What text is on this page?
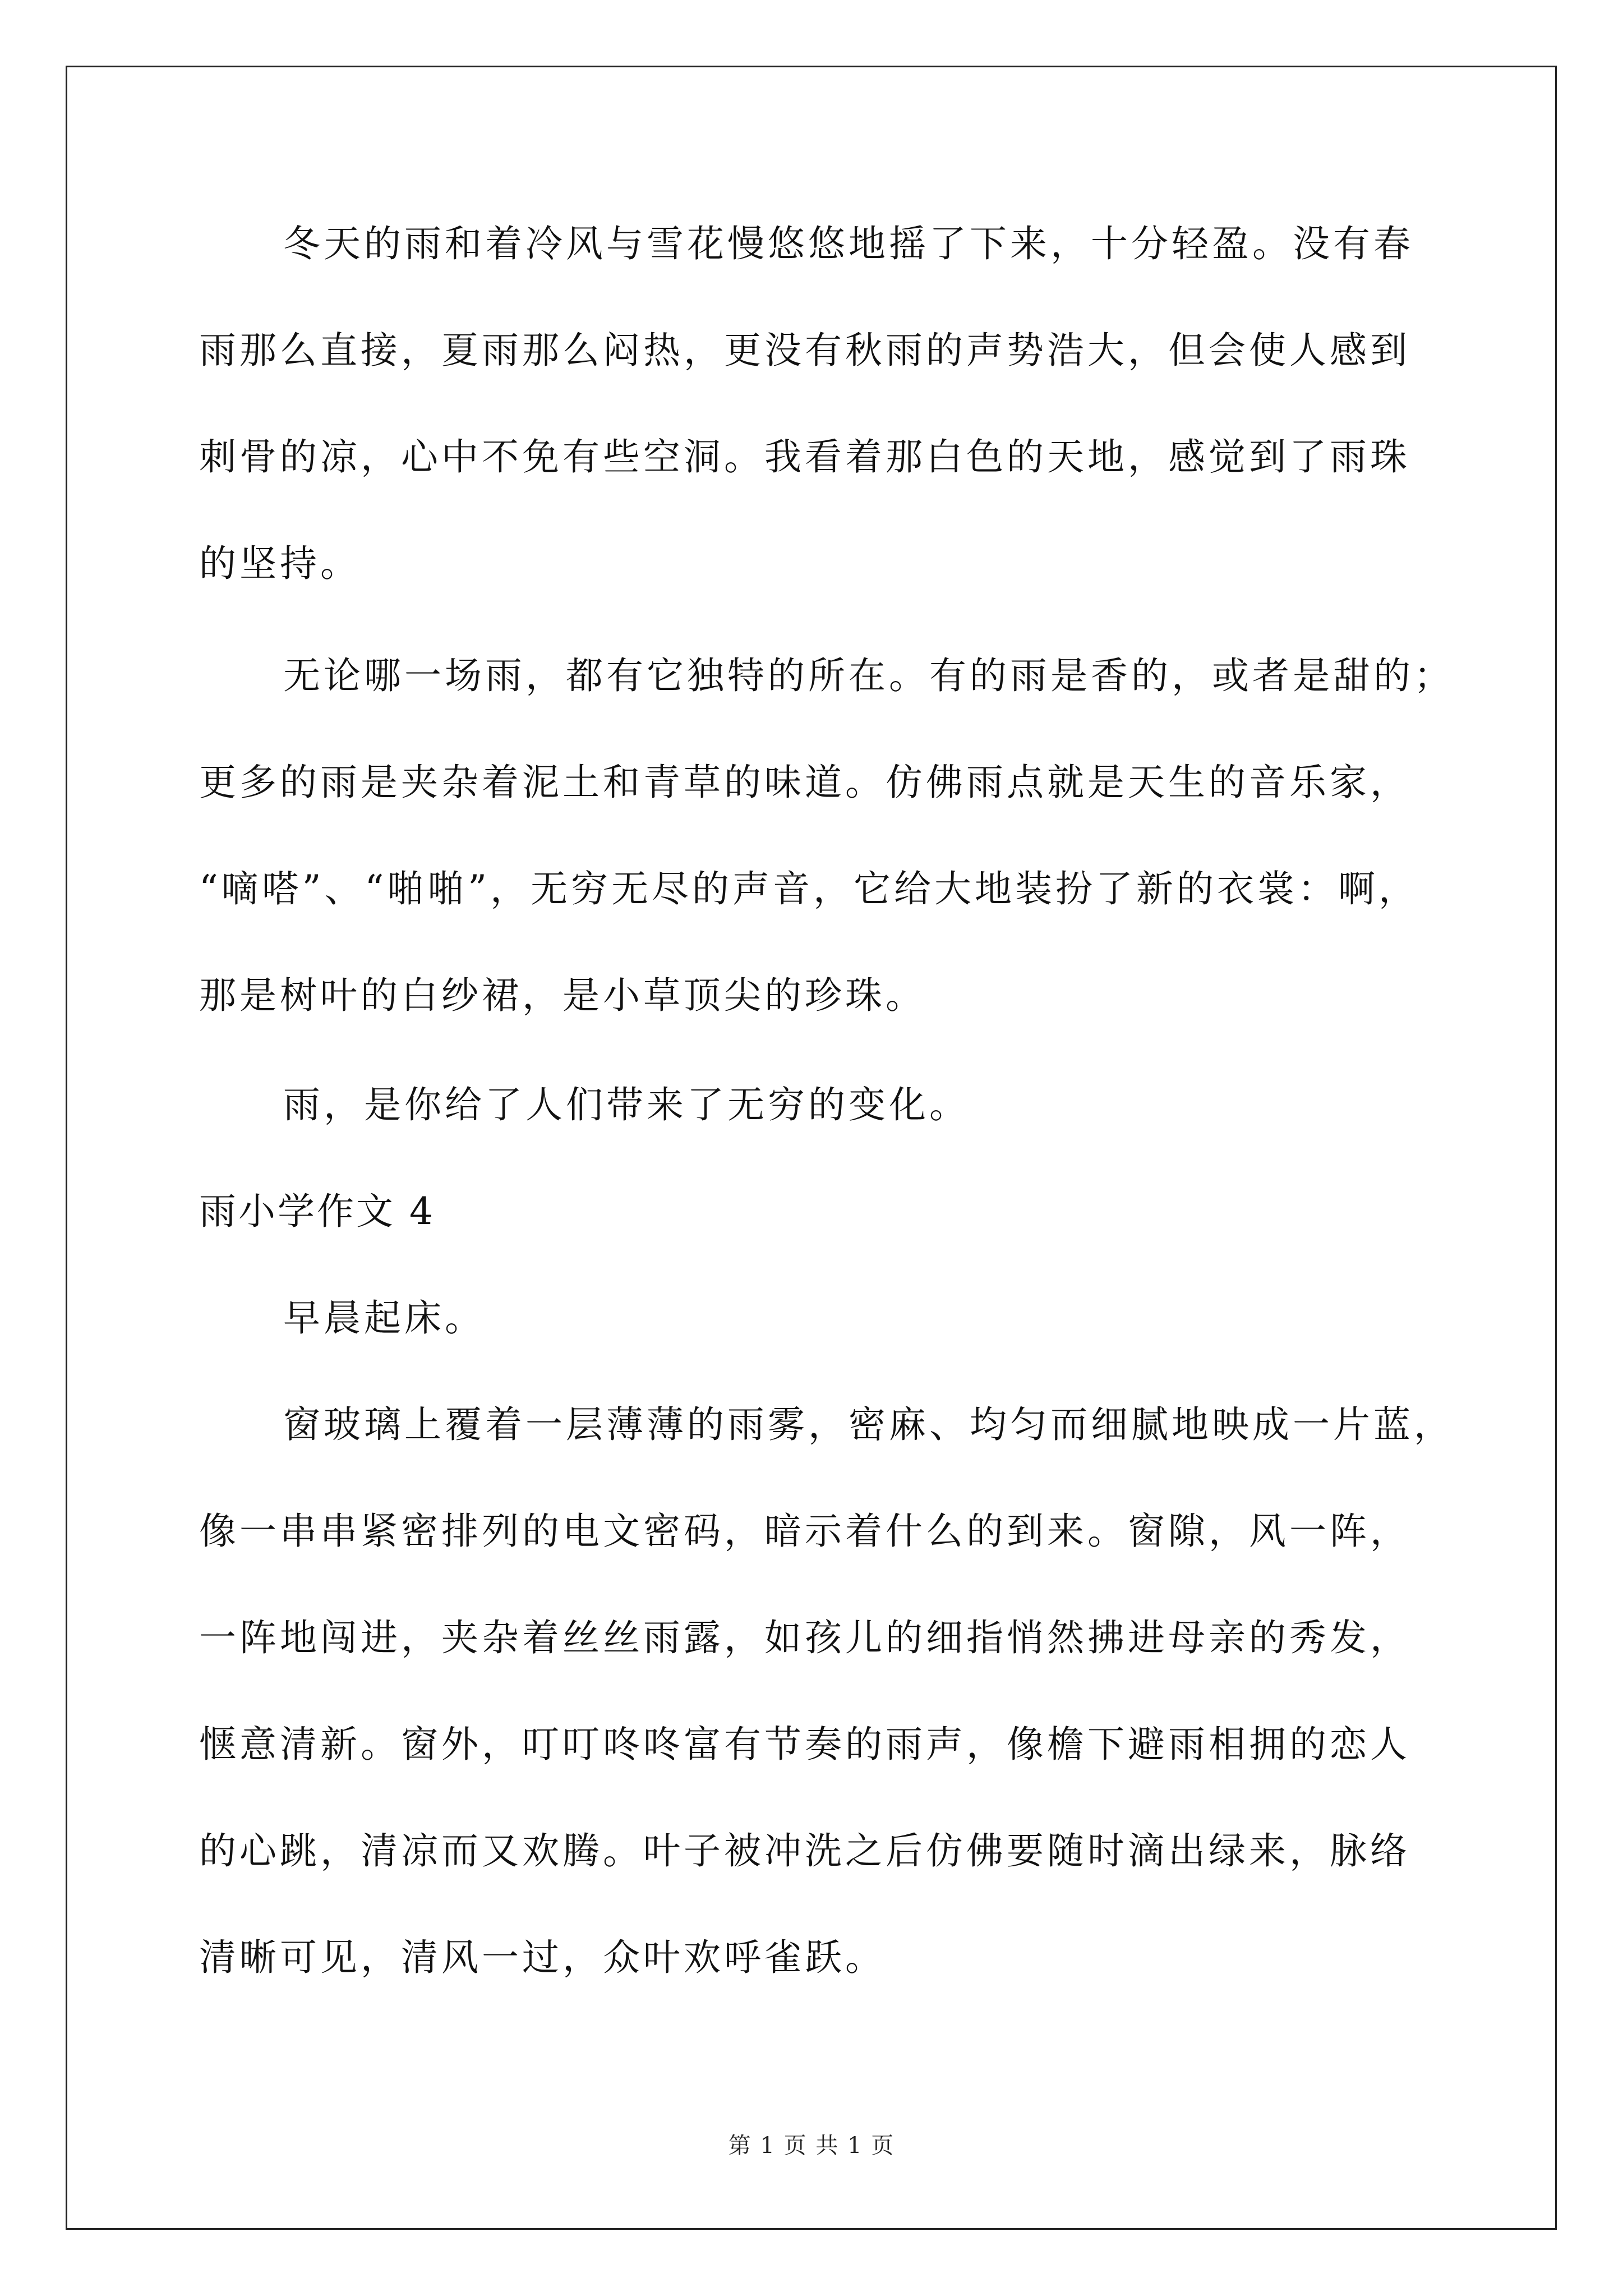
冬天的雨和着冷风与雪花慢悠悠地摇了下来，十分轻盈。没有春
雨那么直接，夏雨那么闷热，更没有秋雨的声势浩大，但会使人感到
刺骨的凉，心中不免有些空洞。我看着那白色的天地，感觉到了雨珠
的坚持。
无论哪一场雨，都有它独特的所在。有的雨是香的，或者是甜的；
更多的雨是夹杂着泥土和青草的味道。仿佛雨点就是天生的音乐家，
“嘀嗒”、“啪啪”，无穷无尽的声音，它给大地装扮了新的衣裳：啊，
那是树叶的白纱裙，是小草顶尖的珍珠。
雨，是你给了人们带来了无穷的变化。
雨小学作文 4
早晨起床。
窗玻璃上覆着一层薄薄的雨雾，密麻、均匀而细腻地映成一片蓝，
像一串串紧密排列的电文密码，暗示着什么的到来。窗隙，风一阵，
一阵地闯进，夹杂着丝丝雨露，如孩儿的细指悄然拂进母亲的秀发，
惬意清新。窗外，叮叮咚咚富有节奏的雨声，像檐下避雨相拥的恋人
的心跳，清凉而又欢腾。叶子被冲洗之后仿佛要随时滴出绿来，脉络
清晰可见，清风一过，众叶欢呼雀跃。
第 1 页 共 1 页
